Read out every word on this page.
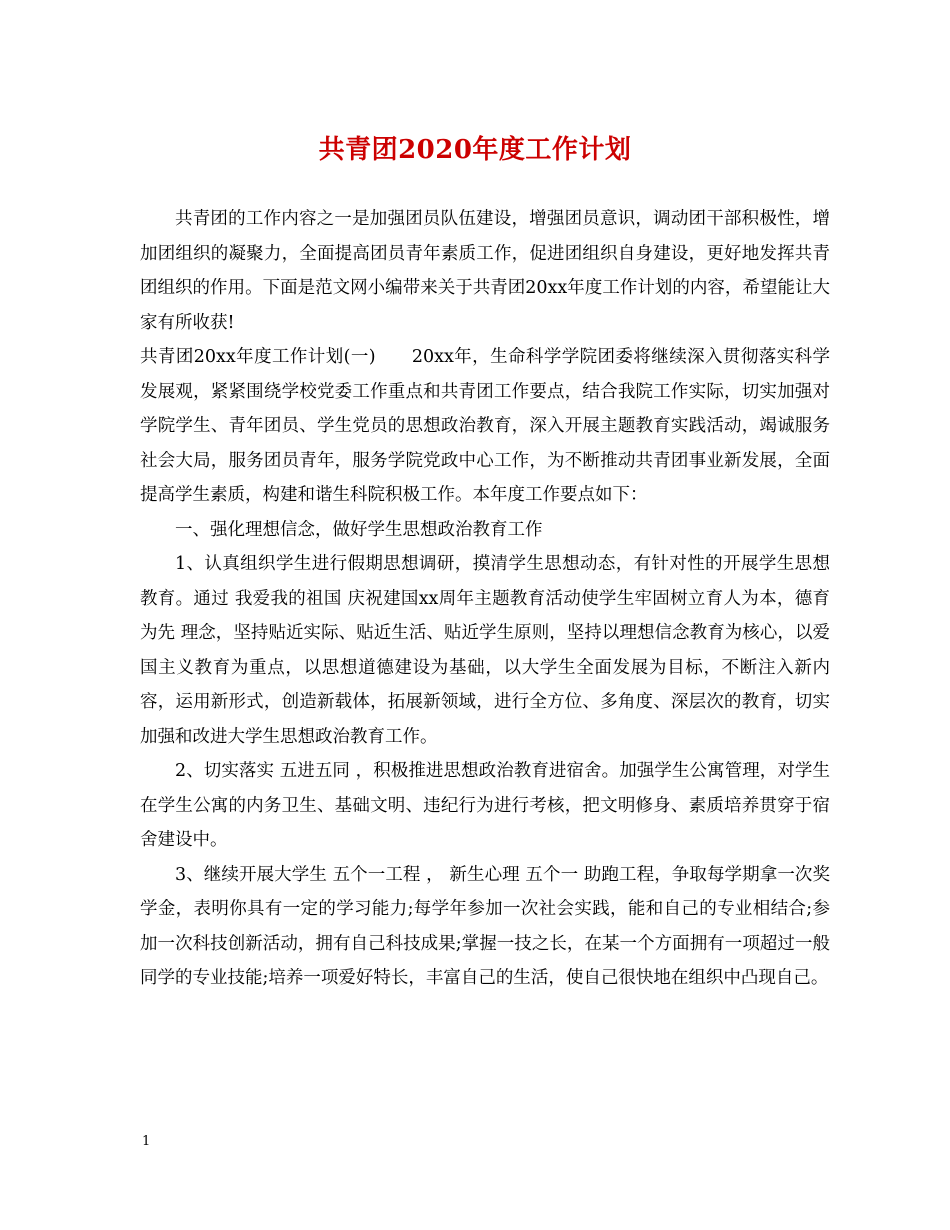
共青团2020年度工作计划

共青团的工作内容之一是加强团员队伍建设，增强团员意识，调动团干部积极性，增加团组织的凝聚力，全面提高团员青年素质工作，促进团组织自身建设，更好地发挥共青团组织的作用。下面是范文网小编带来关于共青团20xx年度工作计划的内容，希望能让大家有所收获!

共青团20xx年度工作计划(一)　　20xx年，生命科学学院团委将继续深入贯彻落实科学发展观，紧紧围绕学校党委工作重点和共青团工作要点，结合我院工作实际，切实加强对学院学生、青年团员、学生党员的思想政治教育，深入开展主题教育实践活动，竭诚服务社会大局，服务团员青年，服务学院党政中心工作，为不断推动共青团事业新发展，全面提高学生素质，构建和谐生科院积极工作。本年度工作要点如下：

一、强化理想信念，做好学生思想政治教育工作

1、认真组织学生进行假期思想调研，摸清学生思想动态，有针对性的开展学生思想教育。通过 我爱我的祖国 庆祝建国xx周年主题教育活动使学生牢固树立育人为本，德育为先 理念，坚持贴近实际、贴近生活、贴近学生原则，坚持以理想信念教育为核心，以爱国主义教育为重点，以思想道德建设为基础，以大学生全面发展为目标，不断注入新内容，运用新形式，创造新载体，拓展新领域，进行全方位、多角度、深层次的教育，切实加强和改进大学生思想政治教育工作。

2、切实落实 五进五同 ，积极推进思想政治教育进宿舍。加强学生公寓管理，对学生在学生公寓的内务卫生、基础文明、违纪行为进行考核，把文明修身、素质培养贯穿于宿舍建设中。

3、继续开展大学生 五个一工程 ， 新生心理 五个一 助跑工程，争取每学期拿一次奖学金，表明你具有一定的学习能力;每学年参加一次社会实践，能和自己的专业相结合;参加一次科技创新活动，拥有自己科技成果;掌握一技之长，在某一个方面拥有一项超过一般同学的专业技能;培养一项爱好特长，丰富自己的生活，使自己很快地在组织中凸现自己。

1
